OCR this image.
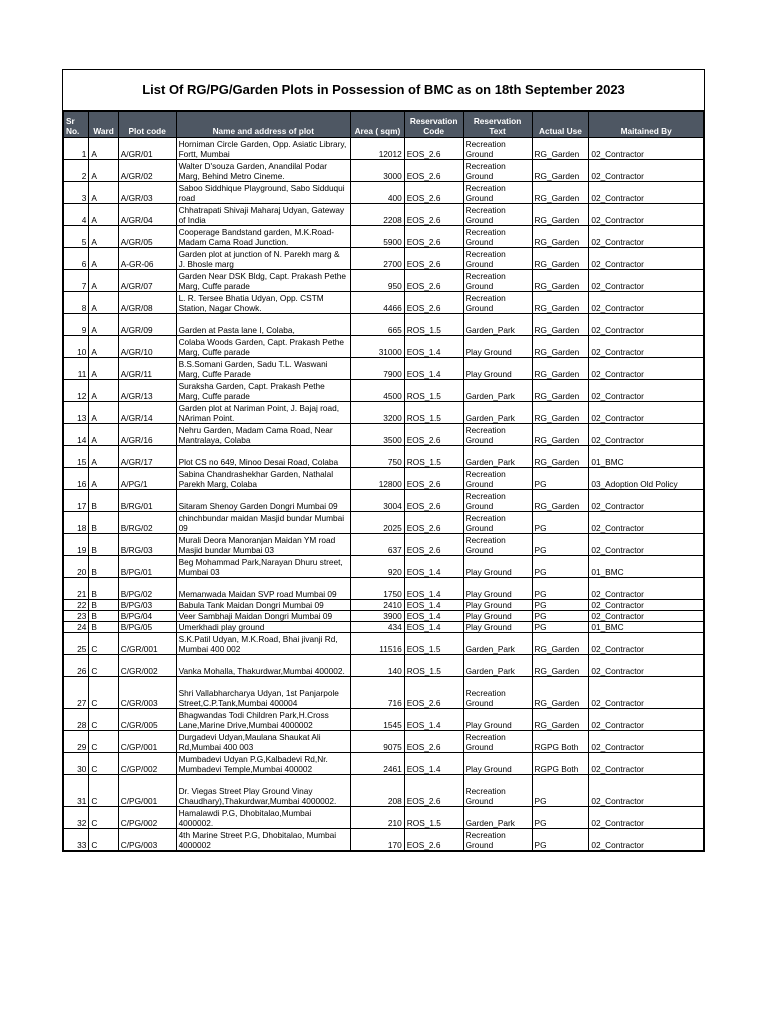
List Of RG/PG/Garden Plots in Possession of BMC as on 18th September 2023
Sr No.	Ward	Plot code	Name and address of plot	Area ( sqm)	Reservation Code	Reservation Text	Actual Use	Maitained By
1	A	A/GR/01	Horniman Circle Garden, Opp. Asiatic Library, Fortt, Mumbai	12012	EOS_2.6	Recreation Ground	RG_Garden	02_Contractor
2	A	A/GR/02	Walter D'souza Garden, Anandilal Podar Marg, Behind Metro Cineme.	3000	EOS_2.6	Recreation Ground	RG_Garden	02_Contractor
3	A	A/GR/03	Saboo Siddhique Playground, Sabo Sidduqui road	400	EOS_2.6	Recreation Ground	RG_Garden	02_Contractor
4	A	A/GR/04	Chhatrapati Shivaji Maharaj Udyan, Gateway of India	2208	EOS_2.6	Recreation Ground	RG_Garden	02_Contractor
5	A	A/GR/05	Cooperage Bandstand garden, M.K.Road-Madam Cama Road Junction.	5900	EOS_2.6	Recreation Ground	RG_Garden	02_Contractor
6	A	A-GR-06	Garden plot at junction of N. Parekh marg & J. Bhosle marg	2700	EOS_2.6	Recreation Ground	RG_Garden	02_Contractor
7	A	A/GR/07	Garden Near DSK Bldg, Capt. Prakash Pethe Marg, Cuffe parade	950	EOS_2.6	Recreation Ground	RG_Garden	02_Contractor
8	A	A/GR/08	L. R. Tersee Bhatia Udyan, Opp. CSTM Station, Nagar Chowk.	4466	EOS_2.6	Recreation Ground	RG_Garden	02_Contractor
9	A	A/GR/09	Garden at Pasta lane I, Colaba,	665	ROS_1.5	Garden_Park	RG_Garden	02_Contractor
10	A	A/GR/10	Colaba Woods Garden, Capt. Prakash Pethe Marg, Cuffe parade	31000	EOS_1.4	Play Ground	RG_Garden	02_Contractor
11	A	A/GR/11	B.S.Somani Garden, Sadu T.L. Waswani Marg, Cuffe Parade	7900	EOS_1.4	Play Ground	RG_Garden	02_Contractor
12	A	A/GR/13	Suraksha Garden, Capt. Prakash Pethe Marg, Cuffe parade	4500	ROS_1.5	Garden_Park	RG_Garden	02_Contractor
13	A	A/GR/14	Garden plot at Nariman Point, J. Bajaj road, NAriman Point.	3200	ROS_1.5	Garden_Park	RG_Garden	02_Contractor
14	A	A/GR/16	Nehru Garden, Madam Cama Road, Near Mantralaya, Colaba	3500	EOS_2.6	Recreation Ground	RG_Garden	02_Contractor
15	A	A/GR/17	Plot CS no 649, Minoo Desai Road, Colaba	750	ROS_1.5	Garden_Park	RG_Garden	01_BMC
16	A	A/PG/1	Sabina Chandrashekhar Garden, Nathalal Parekh Marg, Colaba	12800	EOS_2.6	Recreation Ground	PG	03_Adoption Old Policy
17	B	B/RG/01	Sitaram Shenoy Garden Dongri Mumbai 09	3004	EOS_2.6	Recreation Ground	RG_Garden	02_Contractor
18	B	B/RG/02	chinchbundar maidan Masjid bundar Mumbai 09	2025	EOS_2.6	Recreation Ground	PG	02_Contractor
19	B	B/RG/03	Murali Deora Manoranjan Maidan YM road Masjid bundar Mumbai 03	637	EOS_2.6	Recreation Ground	PG	02_Contractor
20	B	B/PG/01	Beg Mohammad Park,Narayan Dhuru street, Mumbai 03	920	EOS_1.4	Play Ground	PG	01_BMC
21	B	B/PG/02	Memanwada Maidan SVP road Mumbai 09	1750	EOS_1.4	Play Ground	PG	02_Contractor
22	B	B/PG/03	Babula Tank Maidan Dongri Mumbai 09	2410	EOS_1.4	Play Ground	PG	02_Contractor
23	B	B/PG/04	Veer Sambhaji Maidan Dongri Mumbai 09	3900	EOS_1.4	Play Ground	PG	02_Contractor
24	B	B/PG/05	Umerkhadi play ground	434	EOS_1.4	Play Ground	PG	01_BMC
25	C	C/GR/001	S.K.Patil Udyan, M.K.Road, Bhai jivanji Rd, Mumbai 400 002	11516	EOS_1.5	Garden_Park	RG_Garden	02_Contractor
26	C	C/GR/002	Vanka Mohalla, Thakurdwar,Mumbai 400002.	140	ROS_1.5	Garden_Park	RG_Garden	02_Contractor
27	C	C/GR/003	Shri Vallabharcharya Udyan, 1st Panjarpole Street,C.P.Tank,Mumbai 400004	716	EOS_2.6	Recreation Ground	RG_Garden	02_Contractor
28	C	C/GR/005	Bhagwandas Todi Children Park,H.Cross Lane,Marine Drive,Mumbai 4000002	1545	EOS_1.4	Play Ground	RG_Garden	02_Contractor
29	C	C/GP/001	Durgadevi Udyan,Maulana Shaukat Ali Rd,Mumbai 400 003	9075	EOS_2.6	Recreation Ground	RGPG Both	02_Contractor
30	C	C/GP/002	Mumbadevi Udyan P.G,Kalbadevi Rd,Nr. Mumbadevi Temple,Mumbai 400002	2461	EOS_1.4	Play Ground	RGPG Both	02_Contractor
31	C	C/PG/001	Dr. Viegas Street Play Ground Vinay Chaudhary),Thakurdwar,Mumbai 4000002.	208	EOS_2.6	Recreation Ground	PG	02_Contractor
32	C	C/PG/002	Hamalawdi P.G, Dhobitalao,Mumbai 4000002.	210	ROS_1.5	Garden_Park	PG	02_Contractor
33	C	C/PG/003	4th Marine Street P.G, Dhobitalao, Mumbai 4000002	170	EOS_2.6	Recreation Ground	PG	02_Contractor
